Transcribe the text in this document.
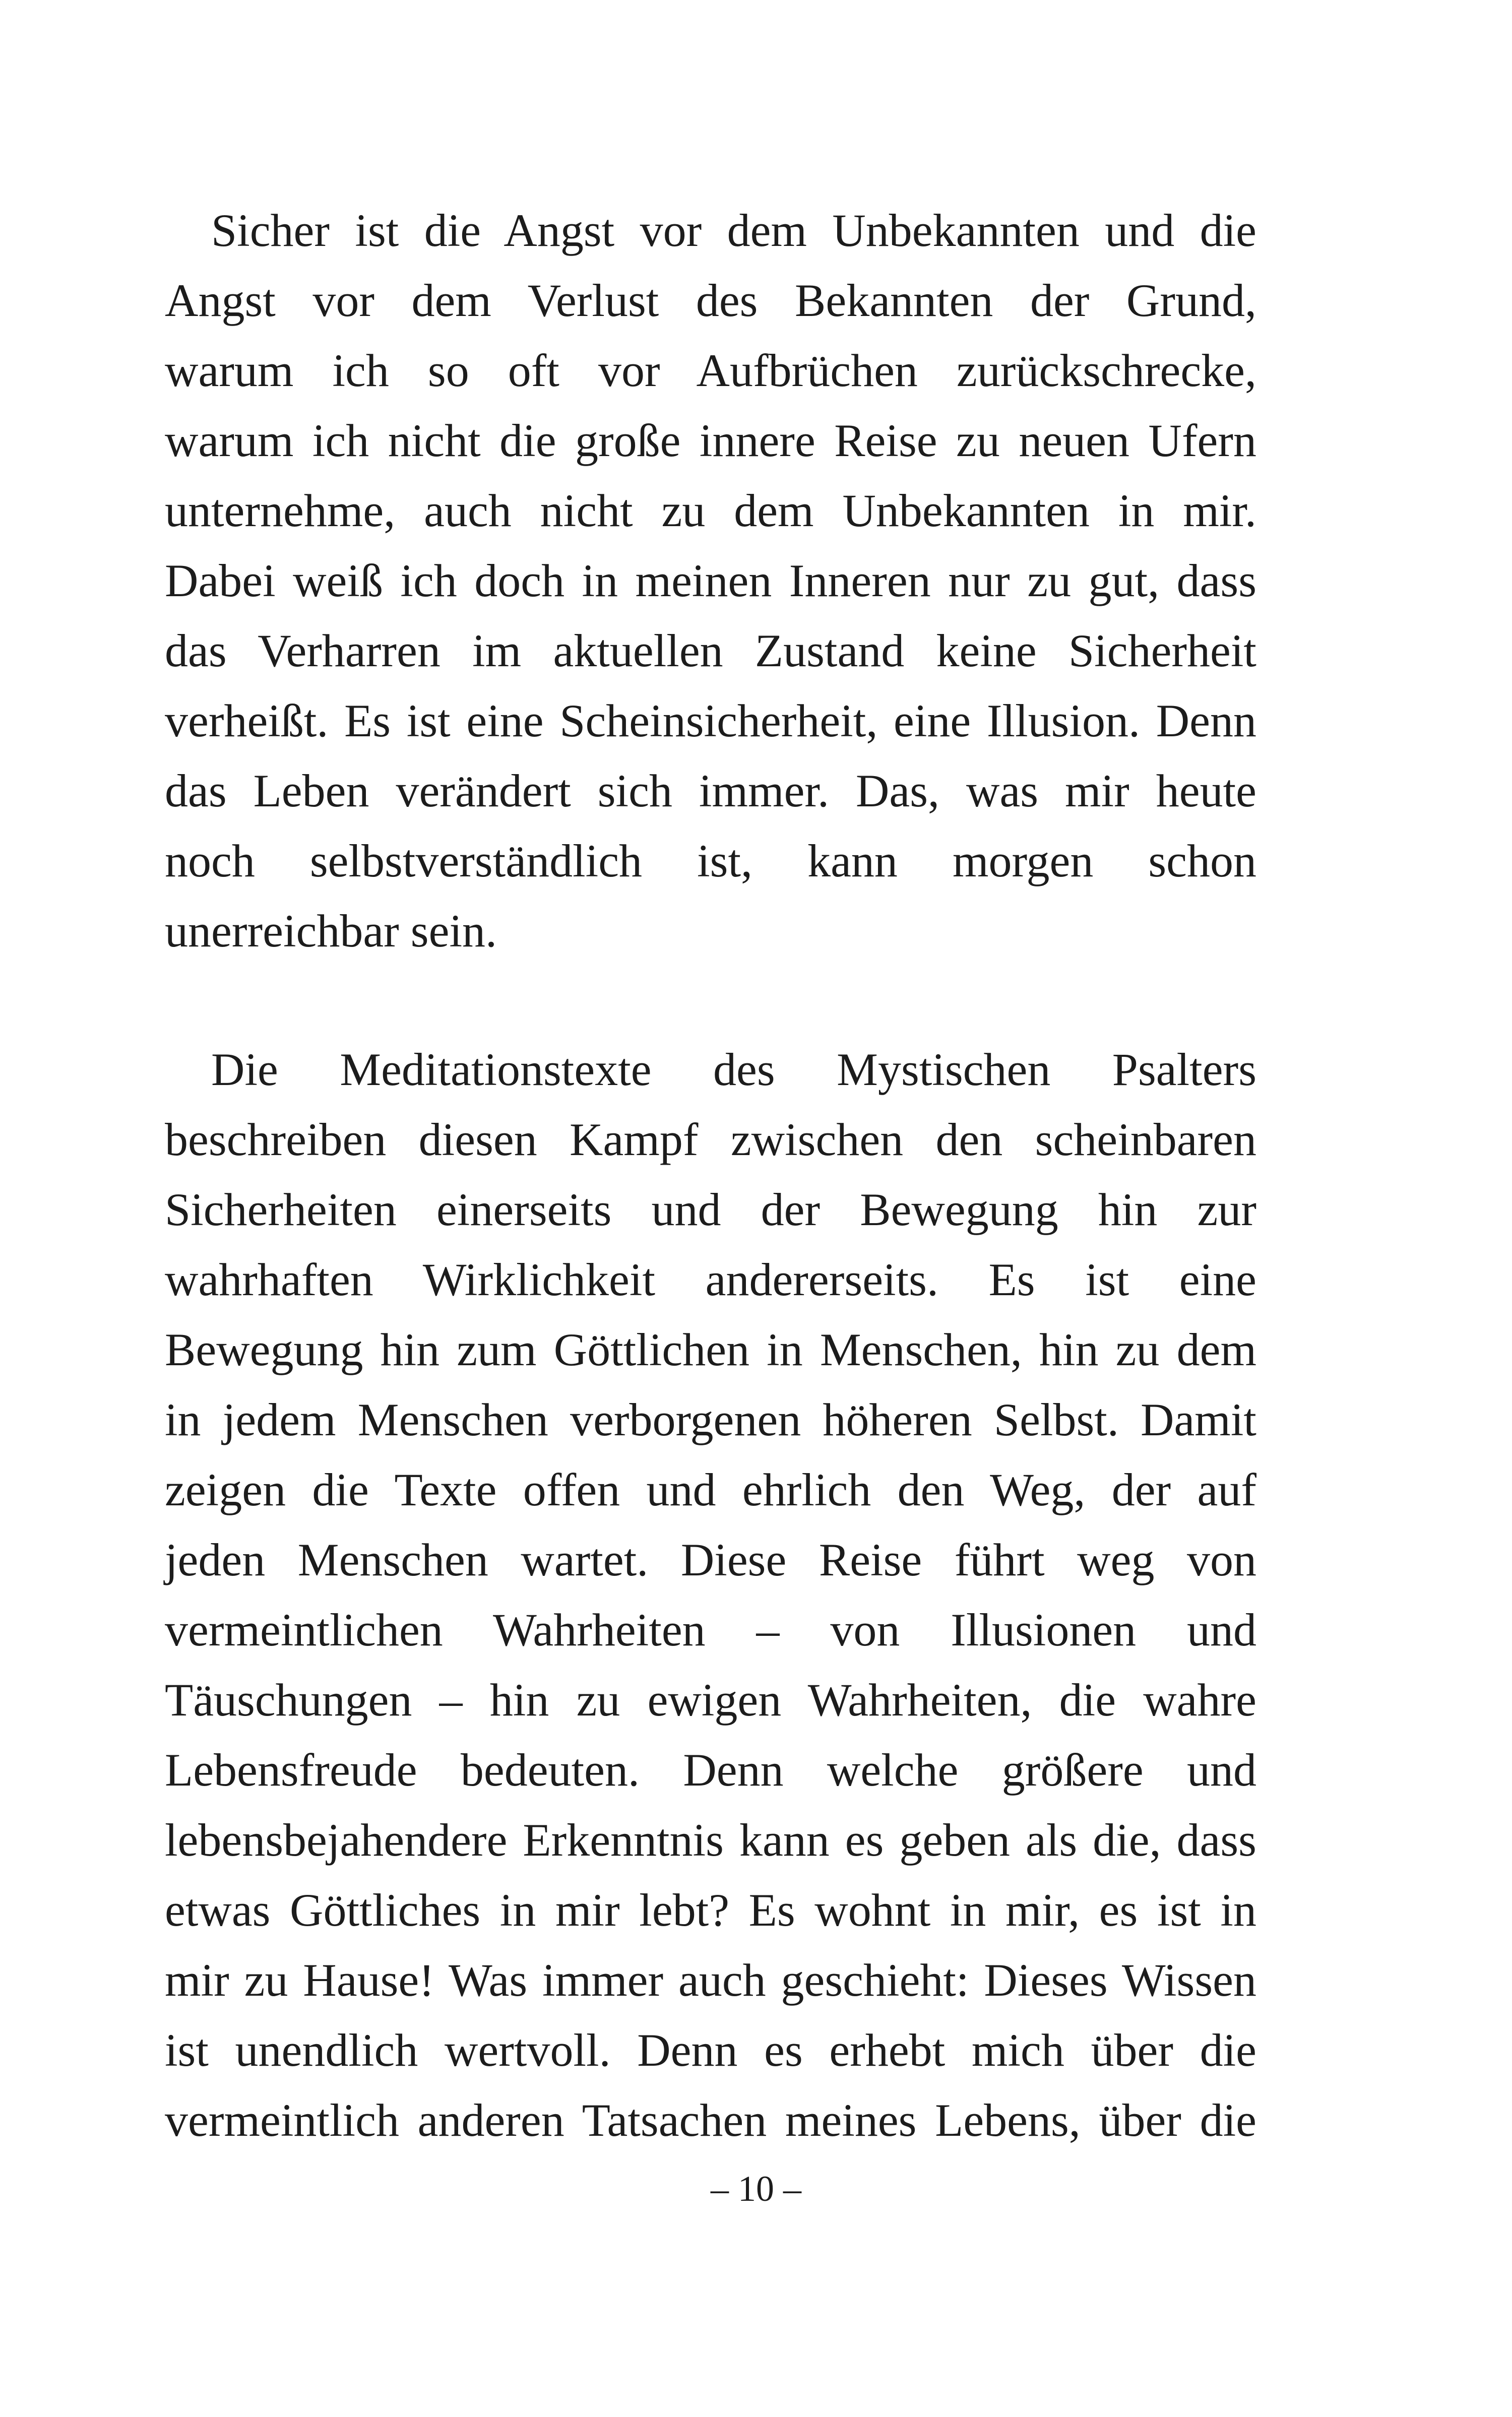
Sicher ist die Angst vor dem Unbekannten und die
Angst vor dem Verlust des Bekannten der Grund,
warum ich so oft vor Aufbrüchen zurückschrecke,
warum ich nicht die große innere Reise zu neuen Ufern
unternehme, auch nicht zu dem Unbekannten in mir.
Dabei weiß ich doch in meinen Inneren nur zu gut, dass
das Verharren im aktuellen Zustand keine Sicherheit
verheißt. Es ist eine Scheinsicherheit, eine Illusion. Denn
das Leben verändert sich immer. Das, was mir heute
noch selbstverständlich ist, kann morgen schon
unerreichbar sein.
Die Meditationstexte des Mystischen Psalters
beschreiben diesen Kampf zwischen den scheinbaren
Sicherheiten einerseits und der Bewegung hin zur
wahrhaften Wirklichkeit andererseits. Es ist eine
Bewegung hin zum Göttlichen in Menschen, hin zu dem
in jedem Menschen verborgenen höheren Selbst. Damit
zeigen die Texte offen und ehrlich den Weg, der auf
jeden Menschen wartet. Diese Reise führt weg von
vermeintlichen Wahrheiten – von Illusionen und
Täuschungen – hin zu ewigen Wahrheiten, die wahre
Lebensfreude bedeuten. Denn welche größere und
lebensbejahendere Erkenntnis kann es geben als die, dass
etwas Göttliches in mir lebt? Es wohnt in mir, es ist in
mir zu Hause! Was immer auch geschieht: Dieses Wissen
ist unendlich wertvoll. Denn es erhebt mich über die
vermeintlich anderen Tatsachen meines Lebens, über die
– 10 –
